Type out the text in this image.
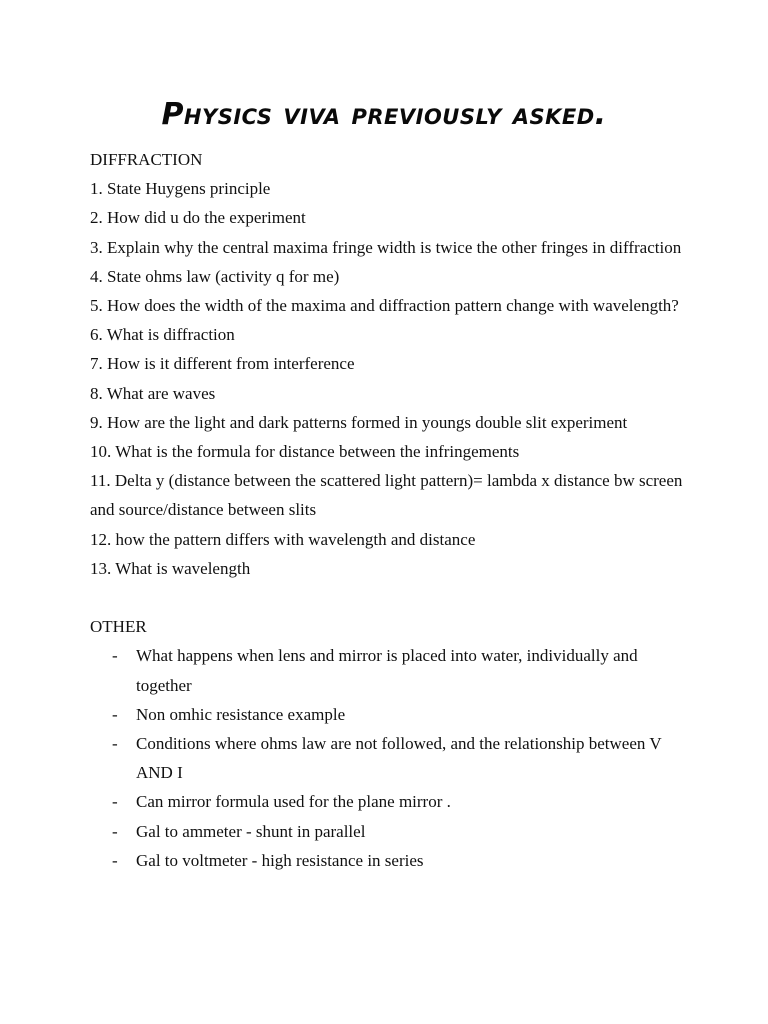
Physics viva previously asked.
DIFFRACTION
1. State Huygens principle
2. How did u do the experiment
3. Explain why the central maxima fringe width is twice the other fringes in diffraction
4. State ohms law (activity q for me)
5. How does the width of the maxima and diffraction pattern change with wavelength?
6. What is diffraction
7. How is it different from interference
8. What are waves
9. How are the light and dark patterns formed in youngs double slit experiment
10. What is the formula for distance between the infringements
11. Delta y (distance between the scattered light pattern)= lambda x distance bw screen and source/distance between slits
12. how the pattern differs with wavelength and distance
13. What is wavelength
OTHER
- What happens when lens and mirror is placed into water, individually and together
- Non omhic resistance example
- Conditions where ohms law are not followed, and the relationship between V AND I
- Can mirror formula used for the plane mirror .
- Gal to ammeter - shunt in parallel
- Gal to voltmeter - high resistance in series
